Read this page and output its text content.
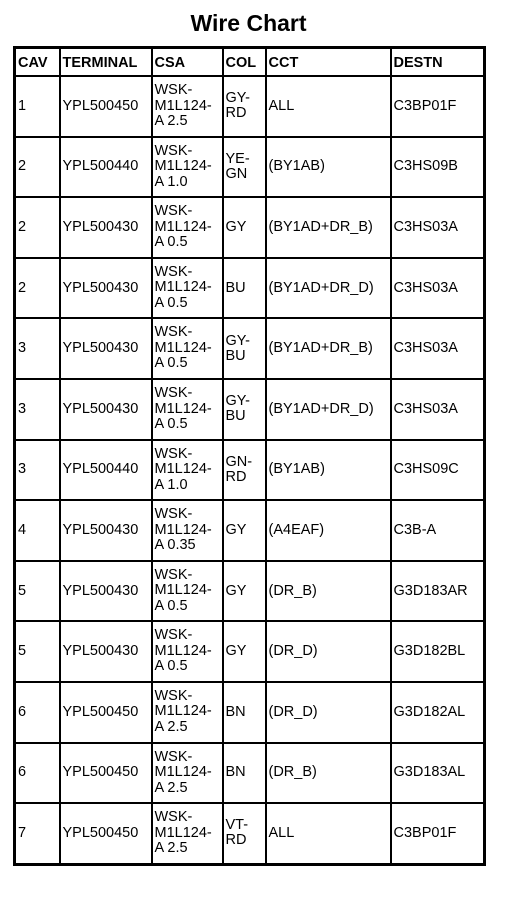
Wire Chart
CAV	TERMINAL	CSA	COL	CCT	DESTN
1	YPL500450	WSK-M1L124-A 2.5	GY-RD	ALL	C3BP01F
2	YPL500440	WSK-M1L124-A 1.0	YE-GN	(BY1AB)	C3HS09B
2	YPL500430	WSK-M1L124-A 0.5	GY	(BY1AD+DR_B)	C3HS03A
2	YPL500430	WSK-M1L124-A 0.5	BU	(BY1AD+DR_D)	C3HS03A
3	YPL500430	WSK-M1L124-A 0.5	GY-BU	(BY1AD+DR_B)	C3HS03A
3	YPL500430	WSK-M1L124-A 0.5	GY-BU	(BY1AD+DR_D)	C3HS03A
3	YPL500440	WSK-M1L124-A 1.0	GN-RD	(BY1AB)	C3HS09C
4	YPL500430	WSK-M1L124-A 0.35	GY	(A4EAF)	C3B-A
5	YPL500430	WSK-M1L124-A 0.5	GY	(DR_B)	G3D183AR
5	YPL500430	WSK-M1L124-A 0.5	GY	(DR_D)	G3D182BL
6	YPL500450	WSK-M1L124-A 2.5	BN	(DR_D)	G3D182AL
6	YPL500450	WSK-M1L124-A 2.5	BN	(DR_B)	G3D183AL
7	YPL500450	WSK-M1L124-A 2.5	VT-RD	ALL	C3BP01F
